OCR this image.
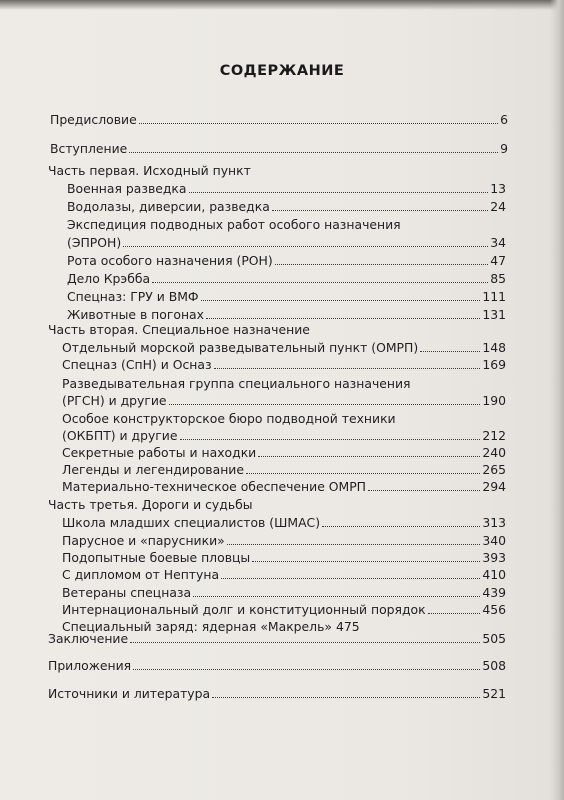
СОДЕРЖАНИЕ
Предисловие	6
Вступление	9
Часть первая. Исходный пункт
Военная разведка	13
Водолазы, диверсии, разведка	24
Экспедиция подводных работ особого назначения
(ЭПРОН)	34
Рота особого назначения (РОН)	47
Дело Крэбба	85
Спецназ: ГРУ и ВМФ	111
Животные в погонах	131
Часть вторая. Специальное назначение
Отдельный морской разведывательный пункт (ОМРП)	148
Спецназ (СпН) и Осназ	169
Разведывательная группа специального назначения
(РГСН) и другие	190
Особое конструкторское бюро подводной техники
(ОКБПТ) и другие	212
Секретные работы и находки	240
Легенды и легендирование	265
Материально-техническое обеспечение ОМРП	294
Часть третья. Дороги и судьбы
Школа младших специалистов (ШМАС)	313
Парусное и «парусники»	340
Подопытные боевые пловцы	393
С дипломом от Нептуна	410
Ветераны спецназа	439
Интернациональный долг и конституционный порядок	456
Специальный заряд: ядерная «Макрель» 475
Заключение	505
Приложения	508
Источники и литература	521
